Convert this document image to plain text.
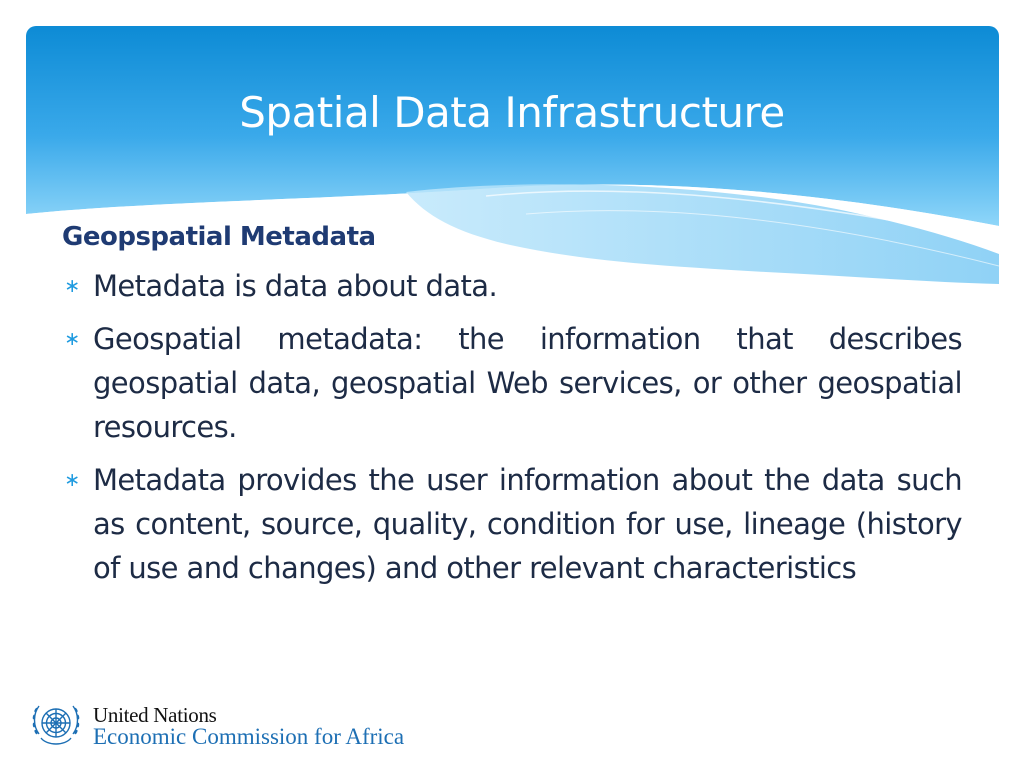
Spatial Data Infrastructure
Geopspatial Metadata
∗ Metadata is data about data.
∗ Geospatial metadata: the information that describes geospatial data, geospatial Web services, or other geospatial resources.
∗ Metadata provides the user information about the data such as content, source, quality, condition for use, lineage (history of use and changes) and other relevant characteristics

United Nations

Economic Commission for Africa
